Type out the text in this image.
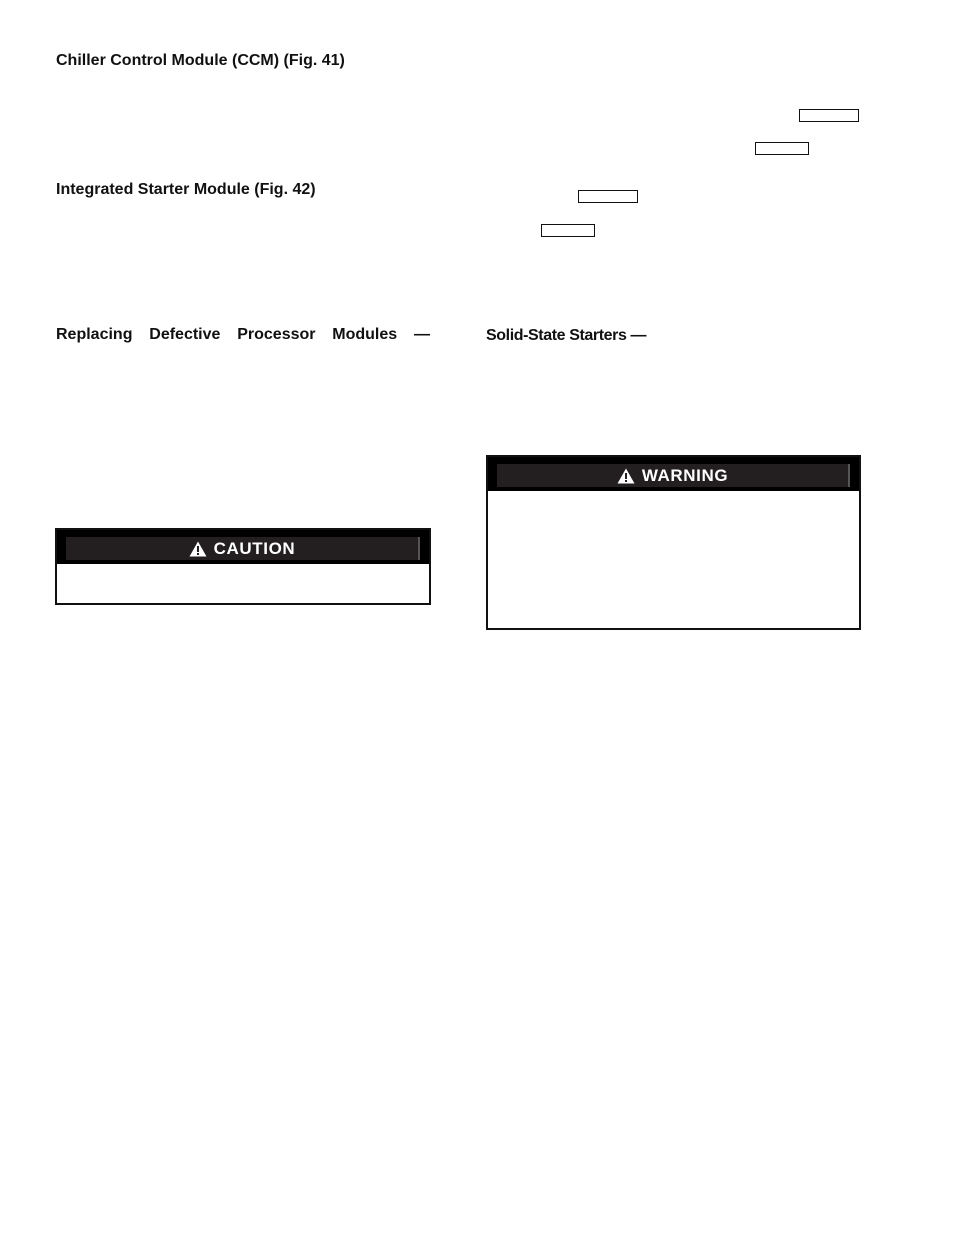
Chiller Control Module (CCM) (Fig. 41)
Integrated Starter Module (Fig. 42)
Replacing Defective Processor Modules —	Solid-State Starters —
CAUTION
WARNING
